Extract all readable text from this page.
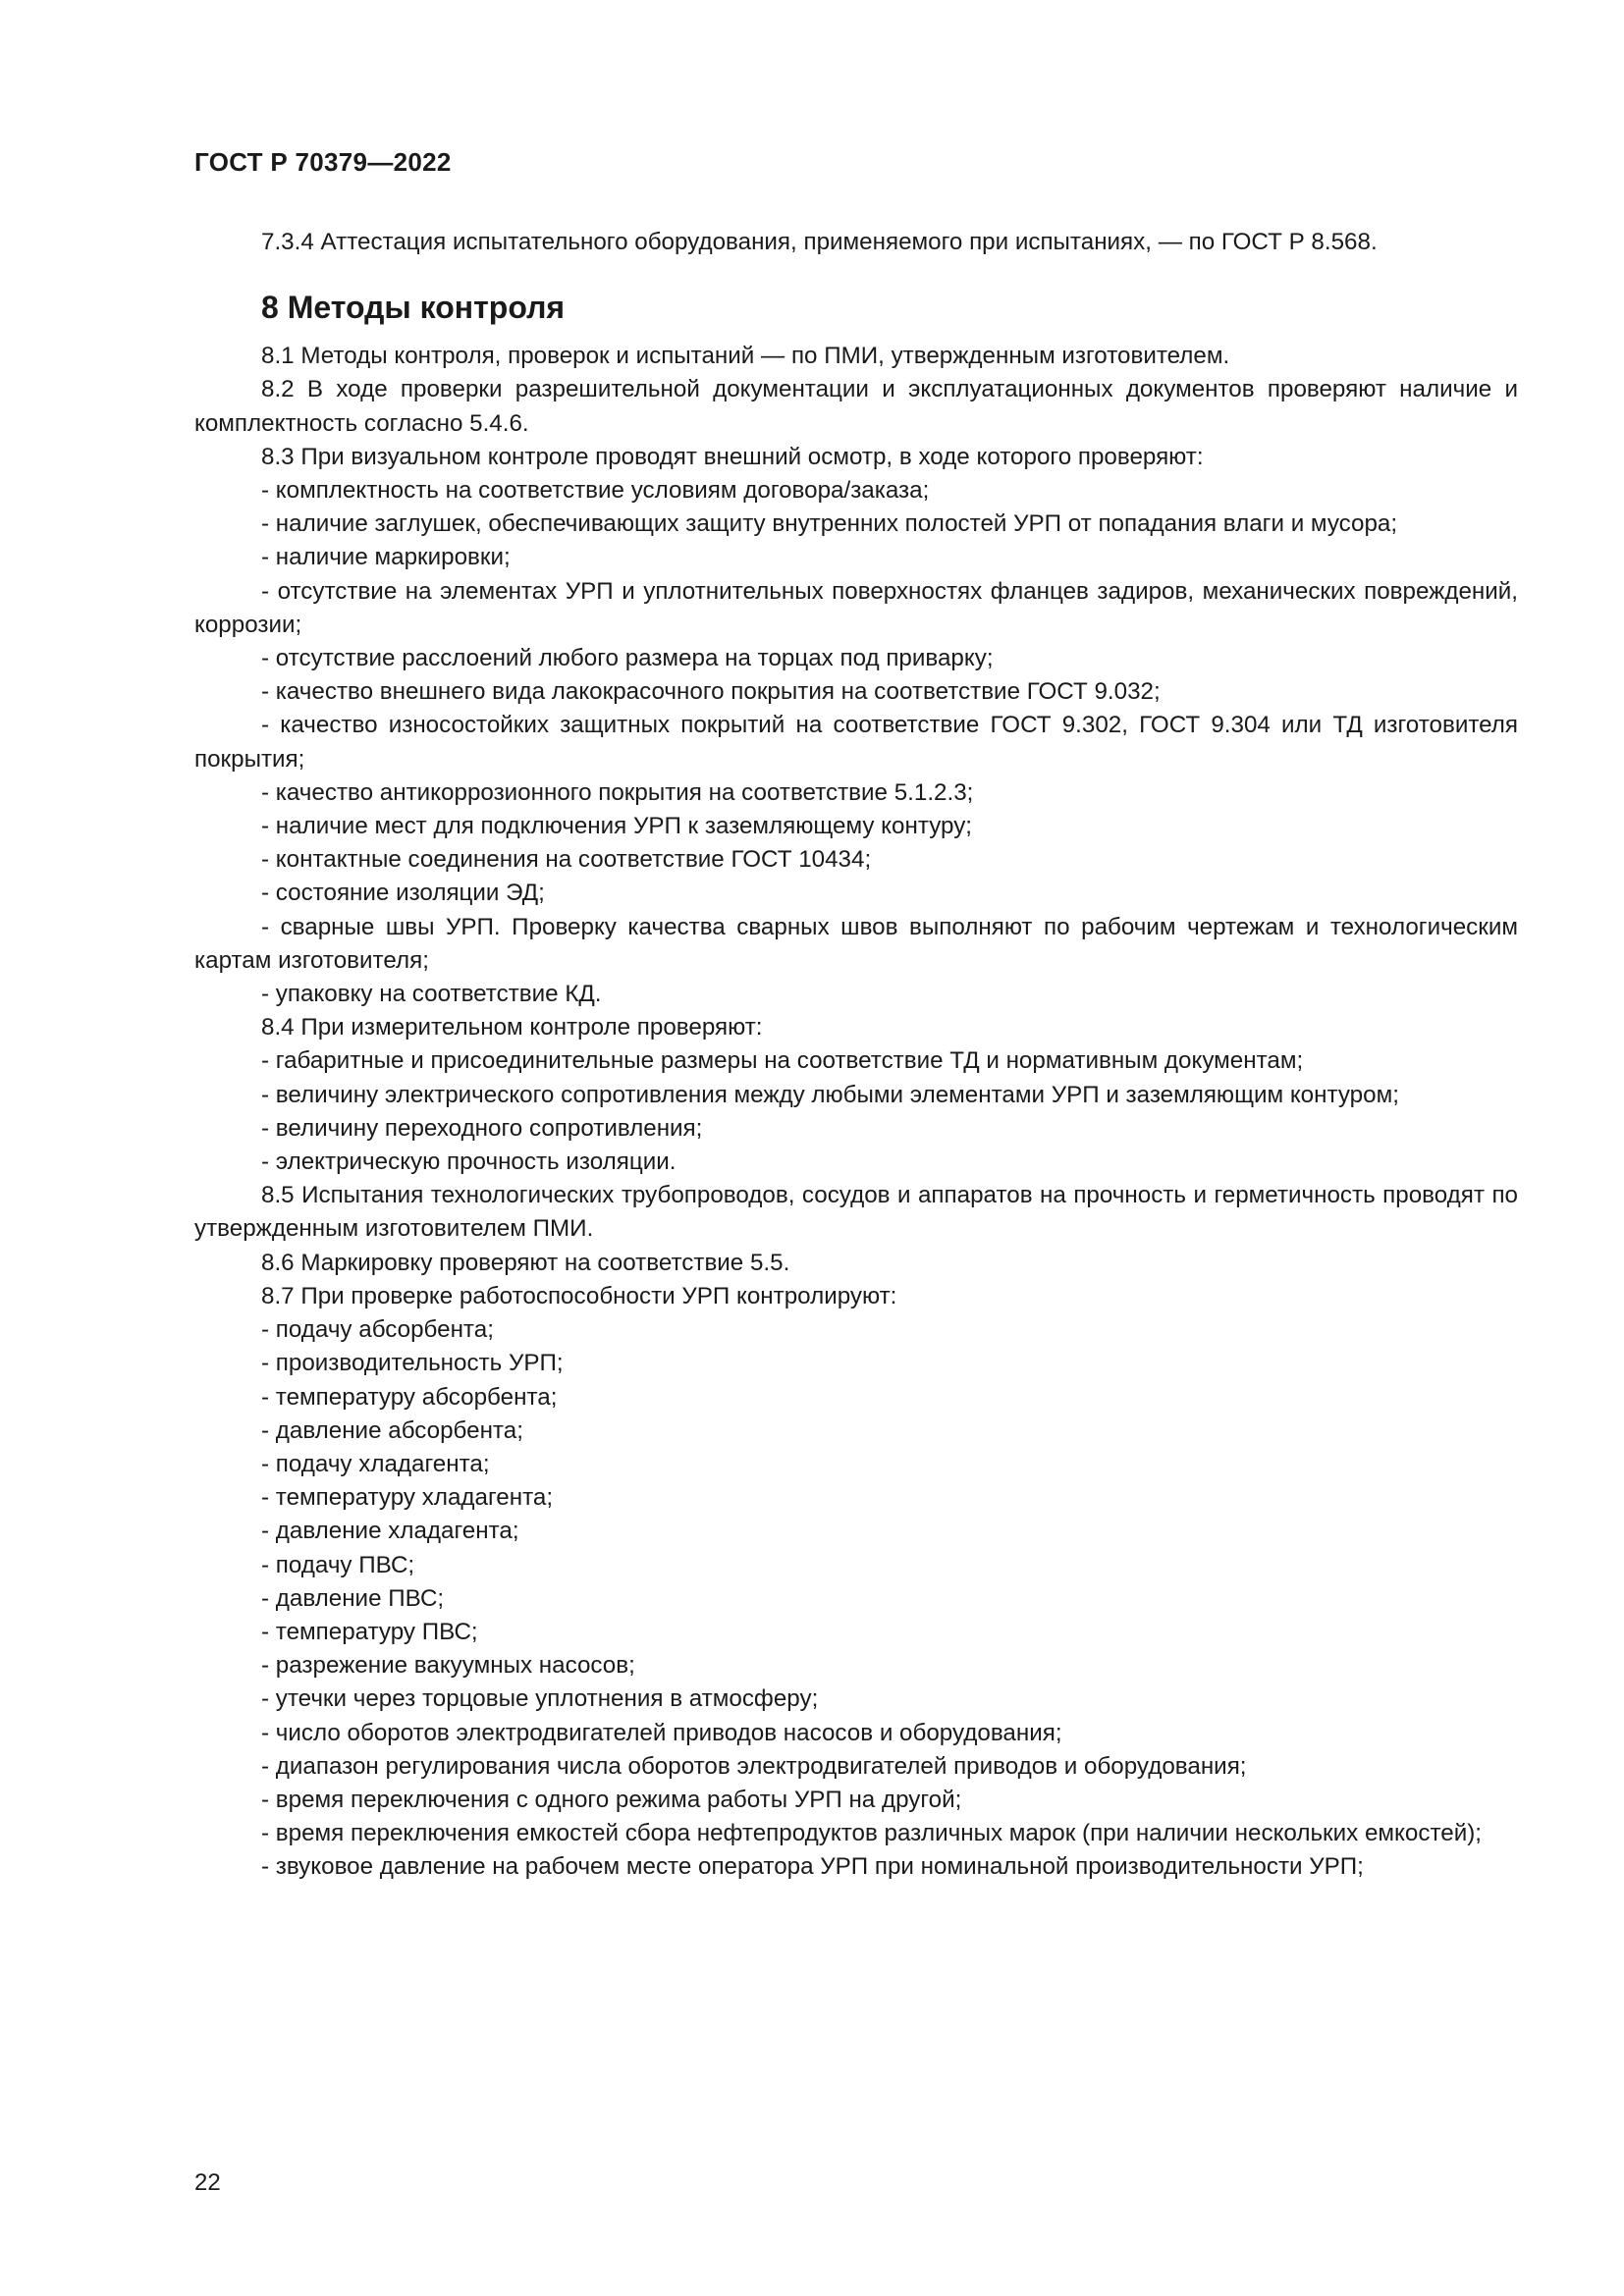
ГОСТ Р 70379—2022

7.3.4 Аттестация испытательного оборудования, применяемого при испытаниях, — по ГОСТ Р 8.568.

8 Методы контроля

8.1 Методы контроля, проверок и испытаний — по ПМИ, утвержденным изготовителем.

8.2 В ходе проверки разрешительной документации и эксплуатационных документов проверяют наличие и комплектность согласно 5.4.6.

8.3 При визуальном контроле проводят внешний осмотр, в ходе которого проверяют:

- комплектность на соответствие условиям договора/заказа;

- наличие заглушек, обеспечивающих защиту внутренних полостей УРП от попадания влаги и мусора;

- наличие маркировки;

- отсутствие на элементах УРП и уплотнительных поверхностях фланцев задиров, механических повреждений, коррозии;

- отсутствие расслоений любого размера на торцах под приварку;

- качество внешнего вида лакокрасочного покрытия на соответствие ГОСТ 9.032;

- качество износостойких защитных покрытий на соответствие ГОСТ 9.302, ГОСТ 9.304 или ТД изготовителя покрытия;

- качество антикоррозионного покрытия на соответствие 5.1.2.3;

- наличие мест для подключения УРП к заземляющему контуру;

- контактные соединения на соответствие ГОСТ 10434;

- состояние изоляции ЭД;

- сварные швы УРП. Проверку качества сварных швов выполняют по рабочим чертежам и технологическим картам изготовителя;

- упаковку на соответствие КД.

8.4 При измерительном контроле проверяют:

- габаритные и присоединительные размеры на соответствие ТД и нормативным документам;

- величину электрического сопротивления между любыми элементами УРП и заземляющим контуром;

- величину переходного сопротивления;

- электрическую прочность изоляции.

8.5 Испытания технологических трубопроводов, сосудов и аппаратов на прочность и герметичность проводят по утвержденным изготовителем ПМИ.

8.6 Маркировку проверяют на соответствие 5.5.

8.7 При проверке работоспособности УРП контролируют:

- подачу абсорбента;

- производительность УРП;

- температуру абсорбента;

- давление абсорбента;

- подачу хладагента;

- температуру хладагента;

- давление хладагента;

- подачу ПВС;

- давление ПВС;

- температуру ПВС;

- разрежение вакуумных насосов;

- утечки через торцовые уплотнения в атмосферу;

- число оборотов электродвигателей приводов насосов и оборудования;

- диапазон регулирования числа оборотов электродвигателей приводов и оборудования;

- время переключения с одного режима работы УРП на другой;

- время переключения емкостей сбора нефтепродуктов различных марок (при наличии нескольких емкостей);

- звуковое давление на рабочем месте оператора УРП при номинальной производительности УРП;

22
